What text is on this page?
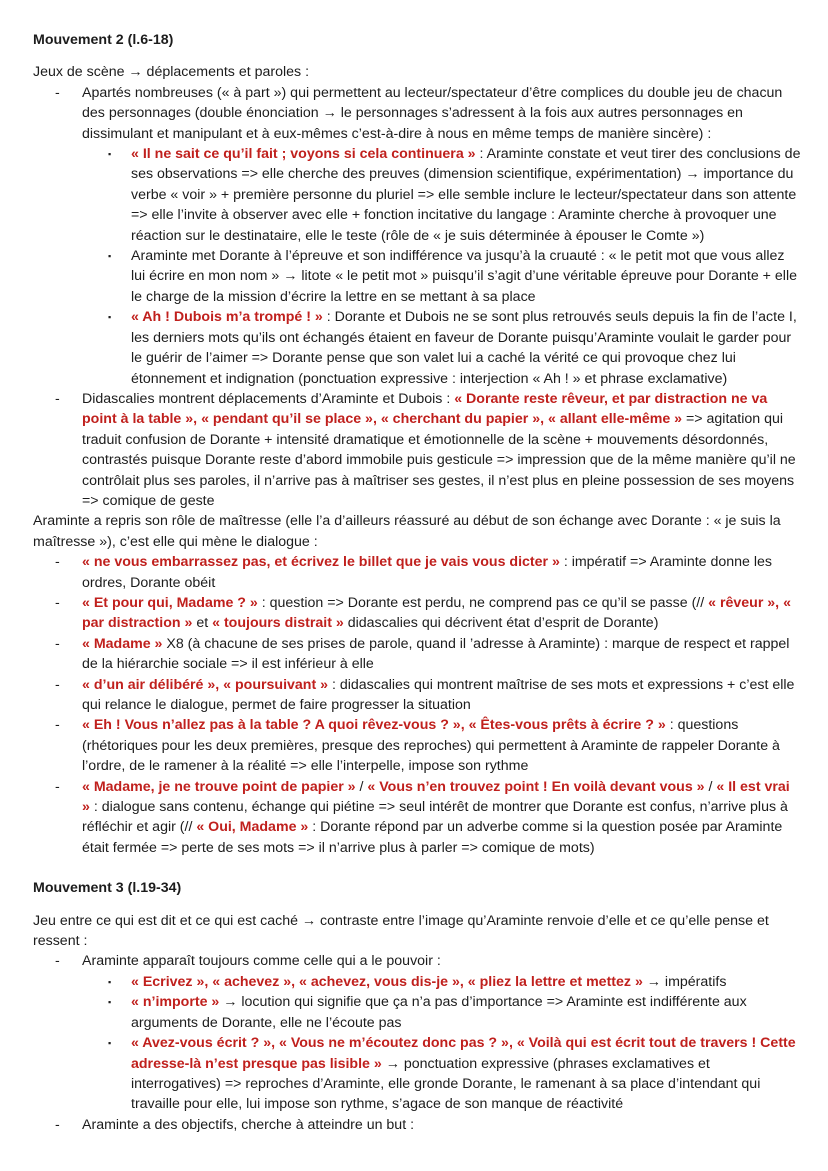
Mouvement 2 (l.6-18)

Jeux de scène → déplacements et paroles :

- Apartés nombreuses (« à part ») qui permettent au lecteur/spectateur d’être complices du double jeu de chacun des personnages (double énonciation → le personnages s’adressent à la fois aux autres personnages en dissimulant et manipulant et à eux-mêmes c’est-à-dire à nous en même temps de manière sincère) :
▪ « Il ne sait ce qu’il fait ; voyons si cela continuera » : Araminte constate et veut tirer des conclusions de ses observations => elle cherche des preuves (dimension scientifique, expérimentation) → importance du verbe « voir » + première personne du pluriel => elle semble inclure le lecteur/spectateur dans son attente => elle l’invite à observer avec elle + fonction incitative du langage : Araminte cherche à provoquer une réaction sur le destinataire, elle le teste (rôle de « je suis déterminée à épouser le Comte »)
▪ Araminte met Dorante à l’épreuve et son indifférence va jusqu’à la cruauté : « le petit mot que vous allez lui écrire en mon nom » → litote « le petit mot » puisqu’il s’agit d’une véritable épreuve pour Dorante + elle le charge de la mission d’écrire la lettre en se mettant à sa place
▪ « Ah ! Dubois m’a trompé ! » : Dorante et Dubois ne se sont plus retrouvés seuls depuis la fin de l’acte I, les derniers mots qu’ils ont échangés étaient en faveur de Dorante puisqu’Araminte voulait le garder pour le guérir de l’aimer => Dorante pense que son valet lui a caché la vérité ce qui provoque chez lui étonnement et indignation (ponctuation expressive : interjection « Ah ! » et phrase exclamative)
- Didascalies montrent déplacements d’Araminte et Dubois : « Dorante reste rêveur, et par distraction ne va point à la table », « pendant qu’il se place », « cherchant du papier », « allant elle-même » => agitation qui traduit confusion de Dorante + intensité dramatique et émotionnelle de la scène + mouvements désordonnés, contrastés puisque Dorante reste d’abord immobile puis gesticule => impression que de la même manière qu’il ne contrôlait plus ses paroles, il n’arrive pas à maîtriser ses gestes, il n’est plus en pleine possession de ses moyens => comique de geste

Araminte a repris son rôle de maîtresse (elle l’a d’ailleurs réassuré au début de son échange avec Dorante : « je suis la maîtresse »), c’est elle qui mène le dialogue :

- « ne vous embarrassez pas, et écrivez le billet que je vais vous dicter » : impératif => Araminte donne les ordres, Dorante obéit
- « Et pour qui, Madame ? » : question => Dorante est perdu, ne comprend pas ce qu’il se passe (// « rêveur », « par distraction » et « toujours distrait » didascalies qui décrivent état d’esprit de Dorante)
- « Madame » X8 (à chacune de ses prises de parole, quand il ’adresse à Araminte) : marque de respect et rappel de la hiérarchie sociale => il est inférieur à elle
- « d’un air délibéré », « poursuivant » : didascalies qui montrent maîtrise de ses mots et expressions + c’est elle qui relance le dialogue, permet de faire progresser la situation
- « Eh ! Vous n’allez pas à la table ? A quoi rêvez-vous ? », « Êtes-vous prêts à écrire ? » : questions (rhétoriques pour les deux premières, presque des reproches) qui permettent à Araminte de rappeler Dorante à l’ordre, de le ramener à la réalité => elle l’interpelle, impose son rythme
- « Madame, je ne trouve point de papier » / « Vous n’en trouvez point ! En voilà devant vous » / « Il est vrai » : dialogue sans contenu, échange qui piétine => seul intérêt de montrer que Dorante est confus, n’arrive plus à réfléchir et agir (// « Oui, Madame » : Dorante répond par un adverbe comme si la question posée par Araminte était fermée => perte de ses mots => il n’arrive plus à parler => comique de mots)
Mouvement 3 (l.19-34)

Jeu entre ce qui est dit et ce qui est caché → contraste entre l’image qu’Araminte renvoie d’elle et ce qu’elle pense et ressent :

- Araminte apparaît toujours comme celle qui a le pouvoir :
▪ « Ecrivez », « achevez », « achevez, vous dis-je », « pliez la lettre et mettez » → impératifs
▪ « n’importe » → locution qui signifie que ça n’a pas d’importance => Araminte est indifférente aux arguments de Dorante, elle ne l’écoute pas
▪ « Avez-vous écrit ? », « Vous ne m’écoutez donc pas ? », « Voilà qui est écrit tout de travers ! Cette adresse-là n’est presque pas lisible » → ponctuation expressive (phrases exclamatives et interrogatives) => reproches d’Araminte, elle gronde Dorante, le ramenant à sa place d’intendant qui travaille pour elle, lui impose son rythme, s’agace de son manque de réactivité
- Araminte a des objectifs, cherche à atteindre un but :
